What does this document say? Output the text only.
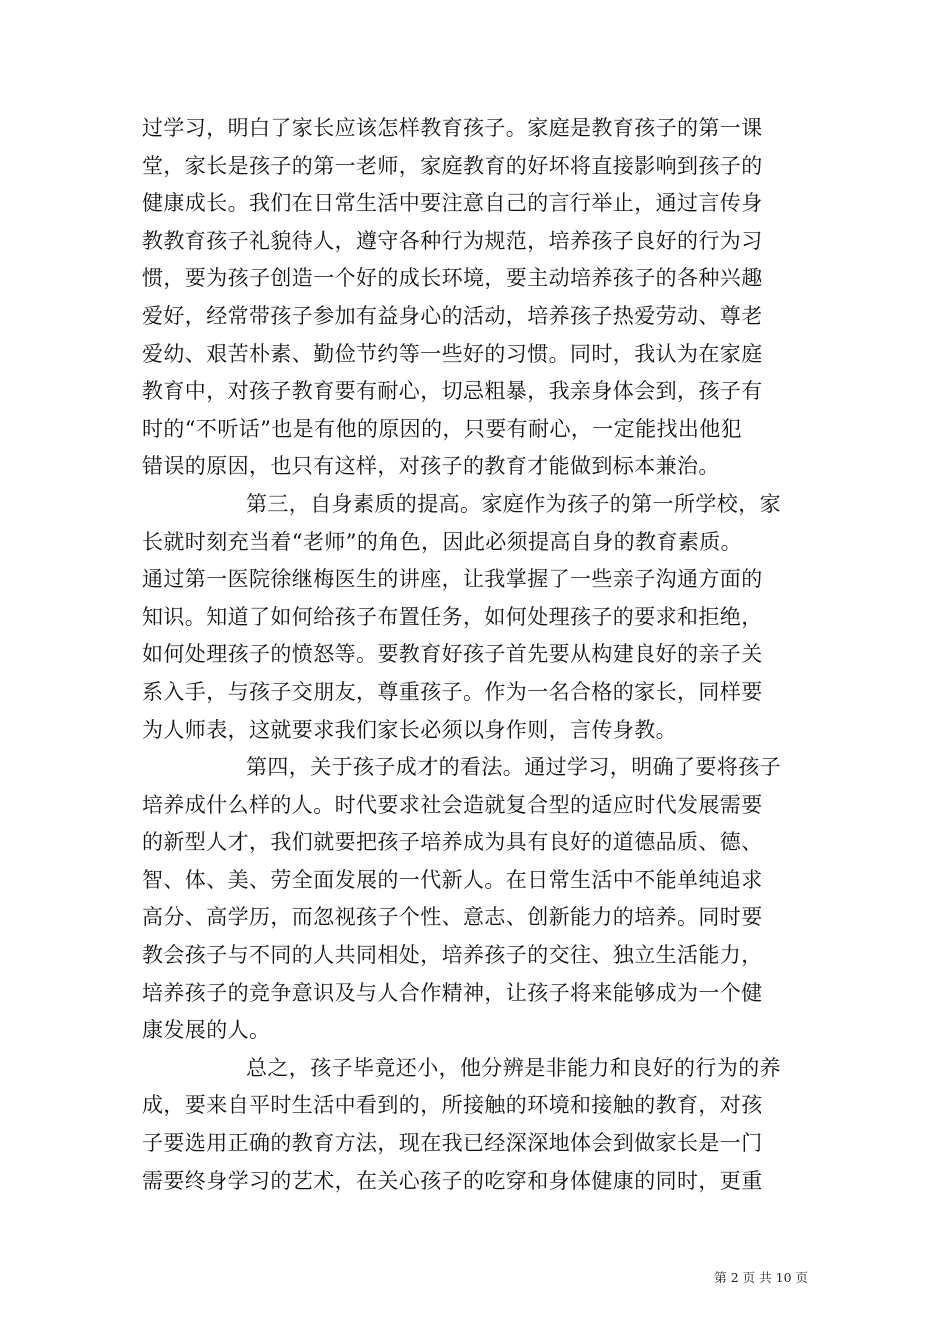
过学习，明白了家长应该怎样教育孩子。家庭是教育孩子的第一课
堂，家长是孩子的第一老师，家庭教育的好坏将直接影响到孩子的
健康成长。我们在日常生活中要注意自己的言行举止，通过言传身
教教育孩子礼貌待人，遵守各种行为规范，培养孩子良好的行为习
惯，要为孩子创造一个好的成长环境，要主动培养孩子的各种兴趣
爱好，经常带孩子参加有益身心的活动，培养孩子热爱劳动、尊老
爱幼、艰苦朴素、勤俭节约等一些好的习惯。同时，我认为在家庭
教育中，对孩子教育要有耐心，切忌粗暴，我亲身体会到，孩子有
时的“不听话”也是有他的原因的，只要有耐心，一定能找出他犯
错误的原因，也只有这样，对孩子的教育才能做到标本兼治。
第三，自身素质的提高。家庭作为孩子的第一所学校，家
长就时刻充当着“老师”的角色，因此必须提高自身的教育素质。
通过第一医院徐继梅医生的讲座，让我掌握了一些亲子沟通方面的
知识。知道了如何给孩子布置任务，如何处理孩子的要求和拒绝，
如何处理孩子的愤怒等。要教育好孩子首先要从构建良好的亲子关
系入手，与孩子交朋友，尊重孩子。作为一名合格的家长，同样要
为人师表，这就要求我们家长必须以身作则，言传身教。
第四，关于孩子成才的看法。通过学习，明确了要将孩子
培养成什么样的人。时代要求社会造就复合型的适应时代发展需要
的新型人才，我们就要把孩子培养成为具有良好的道德品质、德、
智、体、美、劳全面发展的一代新人。在日常生活中不能单纯追求
高分、高学历，而忽视孩子个性、意志、创新能力的培养。同时要
教会孩子与不同的人共同相处，培养孩子的交往、独立生活能力，
培养孩子的竞争意识及与人合作精神，让孩子将来能够成为一个健
康发展的人。
总之，孩子毕竟还小，他分辨是非能力和良好的行为的养
成，要来自平时生活中看到的，所接触的环境和接触的教育，对孩
子要选用正确的教育方法，现在我已经深深地体会到做家长是一门
需要终身学习的艺术，在关心孩子的吃穿和身体健康的同时，更重
第 2 页 共 10 页
